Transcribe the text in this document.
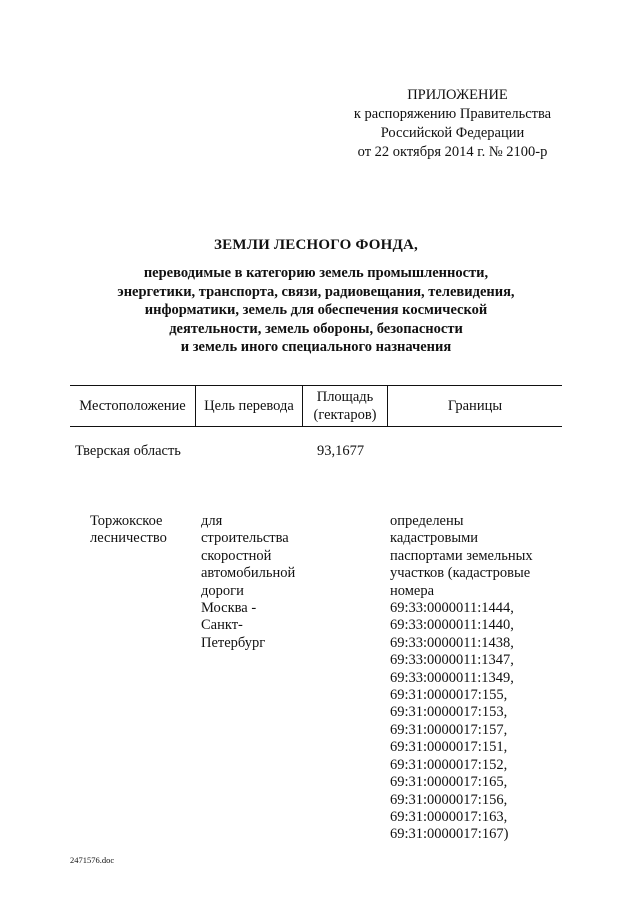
ПРИЛОЖЕНИЕ
к распоряжению Правительства
Российской Федерации
от 22 октября 2014 г. № 2100-р
ЗЕМЛИ ЛЕСНОГО ФОНДА,
переводимые в категорию земель промышленности,
энергетики, транспорта, связи, радиовещания, телевидения,
информатики, земель для обеспечения космической
деятельности, земель обороны, безопасности
и земель иного специального назначения
Местоположение	Цель перевода
Площадь
(гектаров)
Границы
Тверская область	93,1677
Торжокское
лесничество
для
строительства
скоростной
автомобильной
дороги
Москва -
Санкт-
Петербург
определены
кадастровыми
паспортами земельных
участков (кадастровые
номера
69:33:0000011:1444,
69:33:0000011:1440,
69:33:0000011:1438,
69:33:0000011:1347,
69:33:0000011:1349,
69:31:0000017:155,
69:31:0000017:153,
69:31:0000017:157,
69:31:0000017:151,
69:31:0000017:152,
69:31:0000017:165,
69:31:0000017:156,
69:31:0000017:163,
69:31:0000017:167)
2471576.doc
